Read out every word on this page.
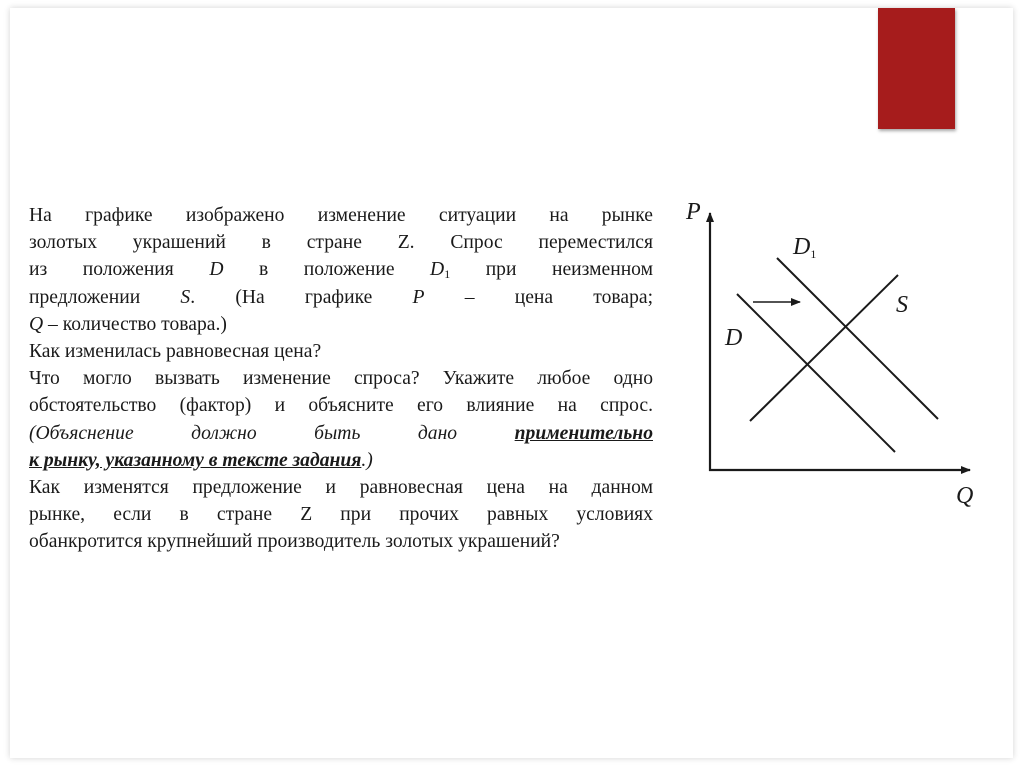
На графике изображено изменение ситуации на рынке

золотых украшений в стране Z. Спрос переместился

из положения D в положение $D_1$ при неизменном

предложении S. (На графике P – цена товара;

Q – количество товара.)

Как изменилась равновесная цена?

Что могло вызвать изменение спроса? Укажите любое одно

обстоятельство (фактор) и объясните его влияние на спрос.

(Объяснение должно быть дано применительно

к рынку, указанному в тексте задания.)

Как изменятся предложение и равновесная цена на данном

рынке, если в стране Z при прочих равных условиях

обанкротится крупнейший производитель золотых украшений?

P
Q
D
D1
S
